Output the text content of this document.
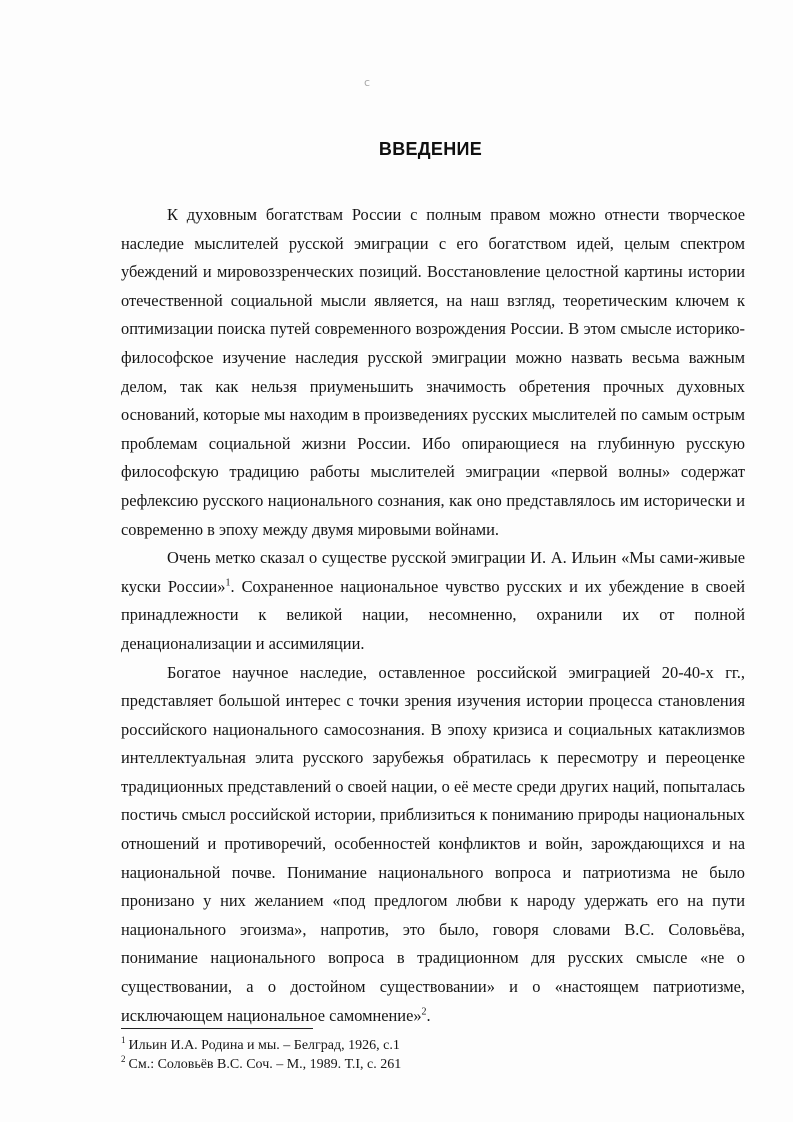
с
ВВЕДЕНИЕ

К духовным богатствам России с полным правом можно отнести творческое наследие мыслителей русской эмиграции с его богатством идей, целым спектром убеждений и мировоззренческих позиций. Восстановление целостной картины истории отечественной социальной мысли является, на наш взгляд, теоретическим ключем к оптимизации поиска путей современного возрождения России. В этом смысле историко-философское изучение наследия русской эмиграции можно назвать весьма важным делом, так как нельзя приуменьшить значимость обретения прочных духовных оснований, которые мы находим в произведениях русских мыслителей по самым острым проблемам социальной жизни России. Ибо опирающиеся на глубинную русскую философскую традицию работы мыслителей эмиграции «первой волны» содержат рефлексию русского национального сознания, как оно представлялось им исторически и современно в эпоху между двумя мировыми войнами.

Очень метко сказал о существе русской эмиграции И. А. Ильин «Мы сами-живые куски России»$^1$. Сохраненное национальное чувство русских и их убеждение в своей принадлежности к великой нации, несомненно, охранили их от полной денационализации и ассимиляции.

Богатое научное наследие, оставленное российской эмиграцией 20-40-х гг., представляет большой интерес с точки зрения изучения истории процесса становления российского национального самосознания. В эпоху кризиса и социальных катаклизмов интеллектуальная элита русского зарубежья обратилась к пересмотру и переоценке традиционных представлений о своей нации, о её месте среди других наций, попыталась постичь смысл российской истории, приблизиться к пониманию природы национальных отношений и противоречий, особенностей конфликтов и войн, зарождающихся и на национальной почве. Понимание национального вопроса и патриотизма не было пронизано у них желанием «под предлогом любви к народу удержать его на пути национального эгоизма», напротив, это было, говоря словами В.С. Соловьёва, понимание национального вопроса в традиционном для русских смысле «не о существовании, а о достойном существовании» и о «настоящем патриотизме, исключающем национальное самомнение»$^2$.

$^1$ Ильин И.А. Родина и мы. – Белград, 1926, с.1
$^2$ См.: Соловьёв В.С. Соч. – М., 1989. Т.I, с. 261
